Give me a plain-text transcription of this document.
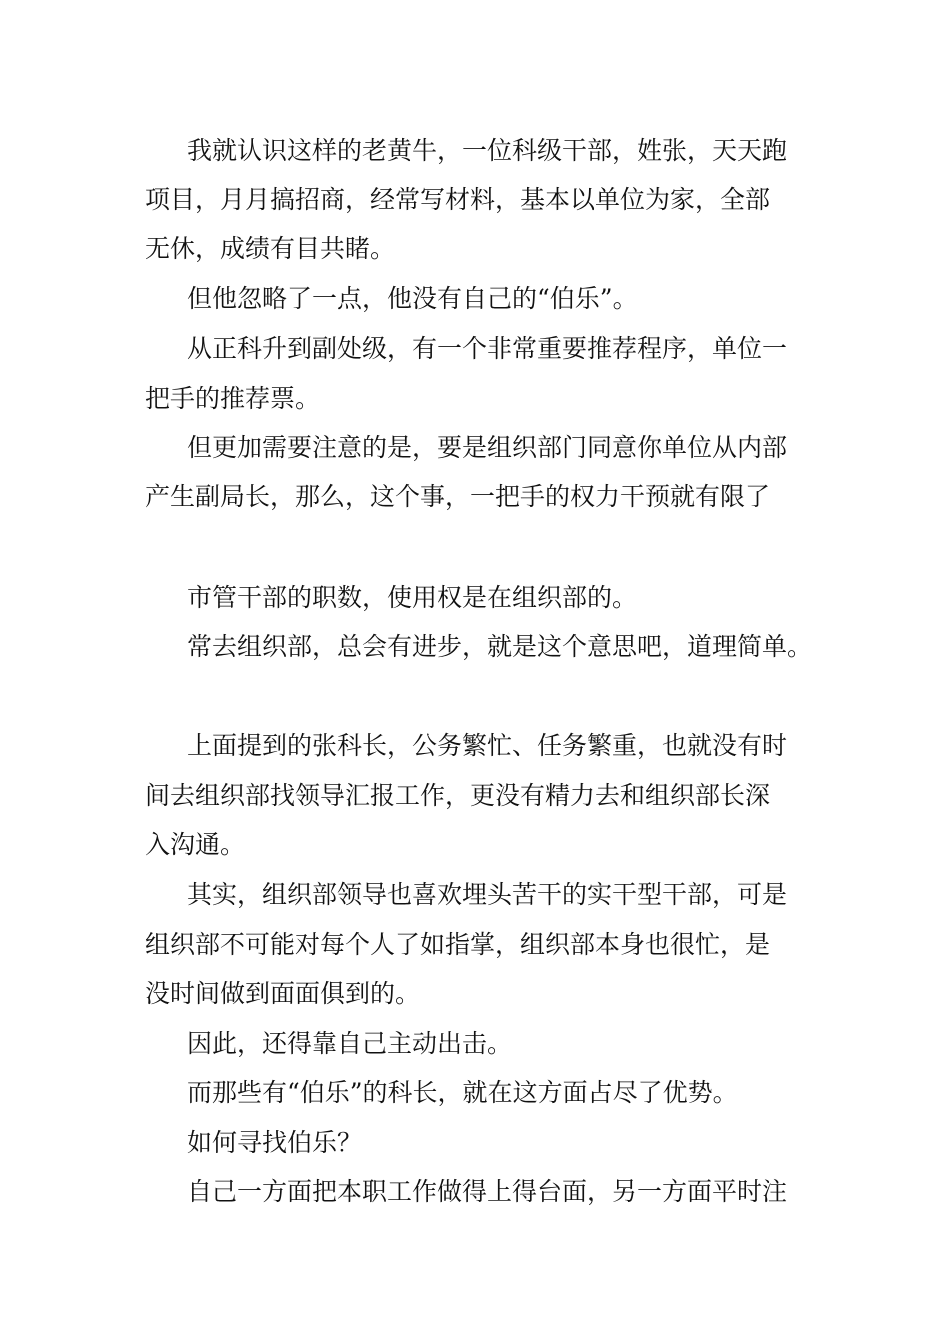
我就认识这样的老黄牛，一位科级干部，姓张，天天跑

项目，月月搞招商，经常写材料，基本以单位为家，全部

无休，成绩有目共睹。

但他忽略了一点，他没有自己的“伯乐”。

从正科升到副处级，有一个非常重要推荐程序，单位一

把手的推荐票。

但更加需要注意的是，要是组织部门同意你单位从内部

产生副局长，那么，这个事，一把手的权力干预就有限了

市管干部的职数，使用权是在组织部的。

常去组织部，总会有进步，就是这个意思吧，道理简单。

上面提到的张科长，公务繁忙、任务繁重，也就没有时

间去组织部找领导汇报工作，更没有精力去和组织部长深

入沟通。

其实，组织部领导也喜欢埋头苦干的实干型干部，可是

组织部不可能对每个人了如指掌，组织部本身也很忙，是

没时间做到面面俱到的。

因此，还得靠自己主动出击。

而那些有“伯乐”的科长，就在这方面占尽了优势。

如何寻找伯乐？

自己一方面把本职工作做得上得台面，另一方面平时注
